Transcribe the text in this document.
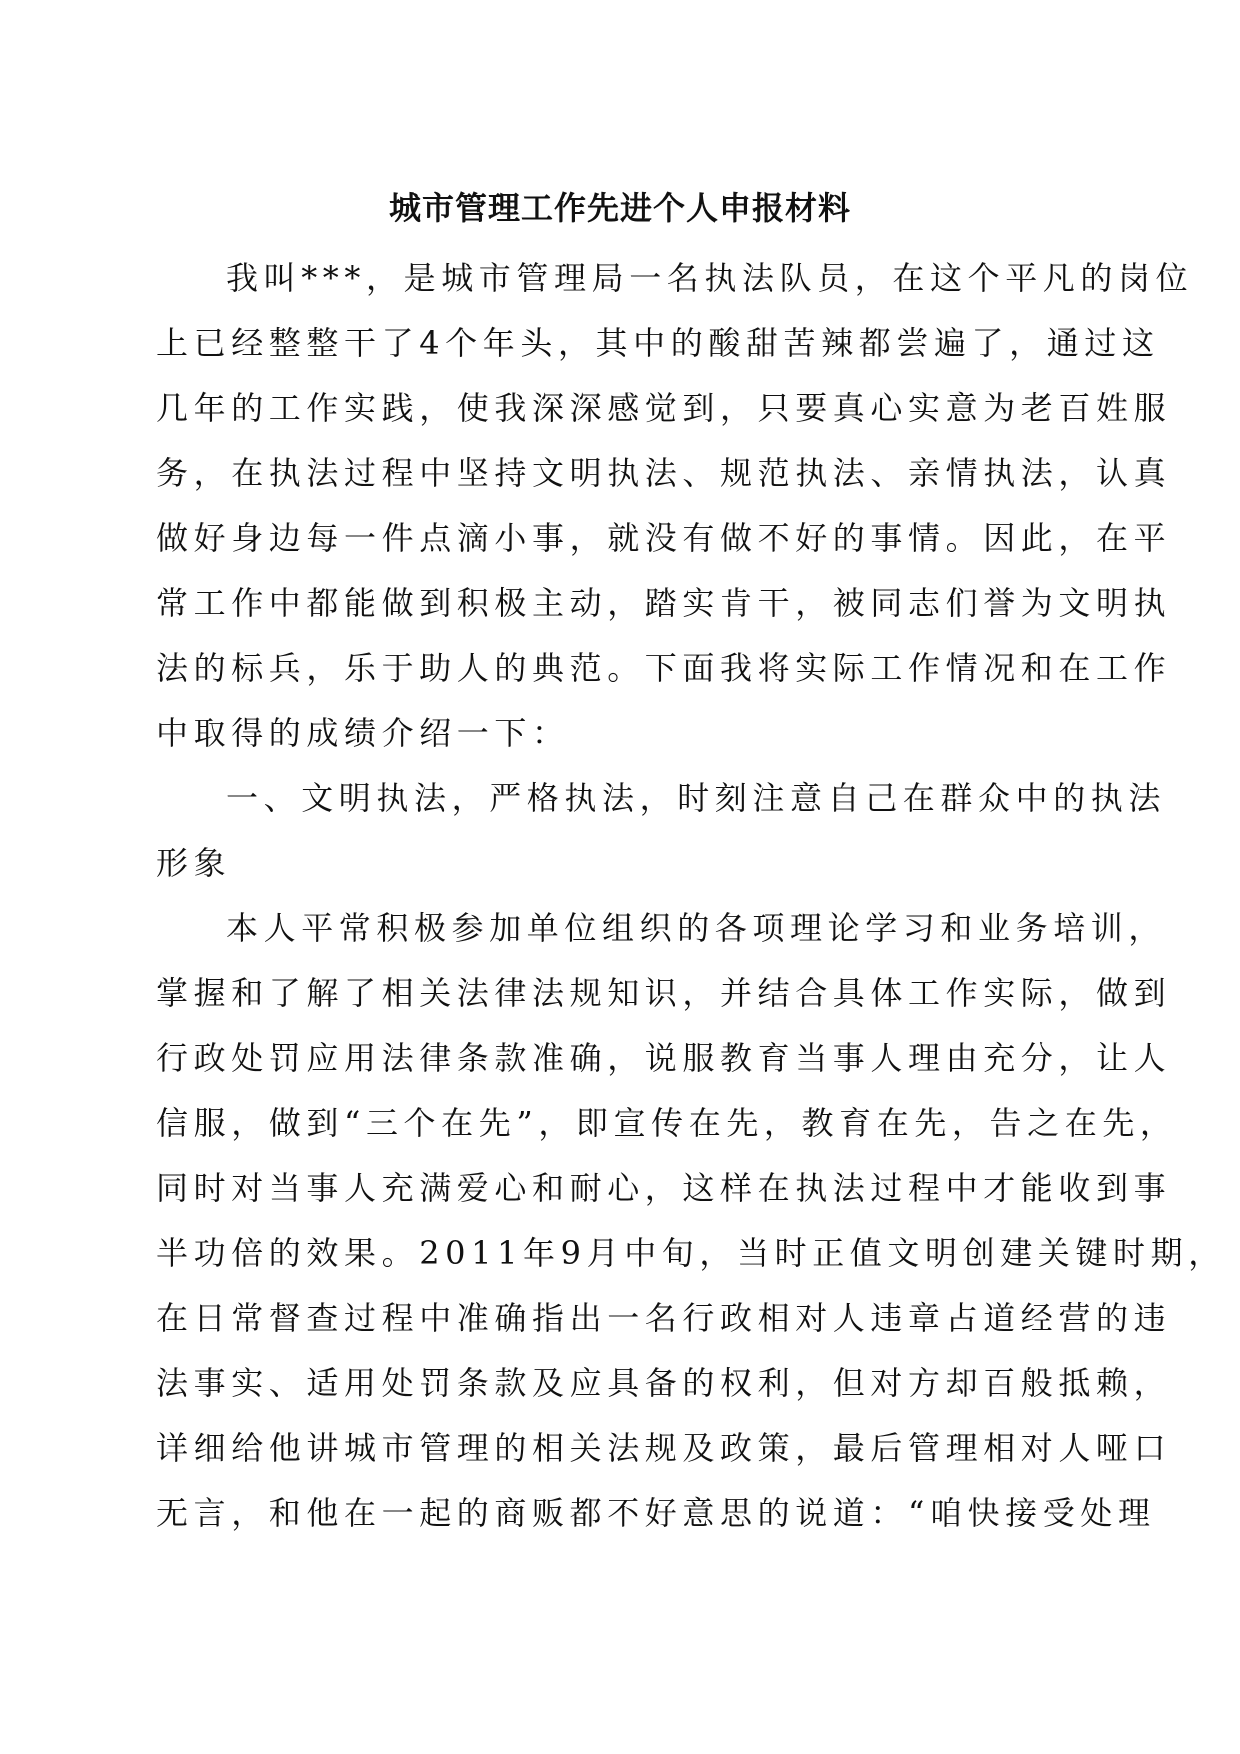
城市管理工作先进个人申报材料
我叫***，是城市管理局一名执法队员，在这个平凡的岗位
上已经整整干了4个年头，其中的酸甜苦辣都尝遍了，通过这
几年的工作实践，使我深深感觉到，只要真心实意为老百姓服
务，在执法过程中坚持文明执法、规范执法、亲情执法，认真
做好身边每一件点滴小事，就没有做不好的事情。因此，在平
常工作中都能做到积极主动，踏实肯干，被同志们誉为文明执
法的标兵，乐于助人的典范。下面我将实际工作情况和在工作
中取得的成绩介绍一下：
一、文明执法，严格执法，时刻注意自己在群众中的执法
形象
本人平常积极参加单位组织的各项理论学习和业务培训，
掌握和了解了相关法律法规知识，并结合具体工作实际，做到
行政处罚应用法律条款准确，说服教育当事人理由充分，让人
信服，做到“三个在先”，即宣传在先，教育在先，告之在先，
同时对当事人充满爱心和耐心，这样在执法过程中才能收到事
半功倍的效果。2011年9月中旬，当时正值文明创建关键时期，
在日常督查过程中准确指出一名行政相对人违章占道经营的违
法事实、适用处罚条款及应具备的权利，但对方却百般抵赖，
详细给他讲城市管理的相关法规及政策，最后管理相对人哑口
无言，和他在一起的商贩都不好意思的说道：“咱快接受处理
